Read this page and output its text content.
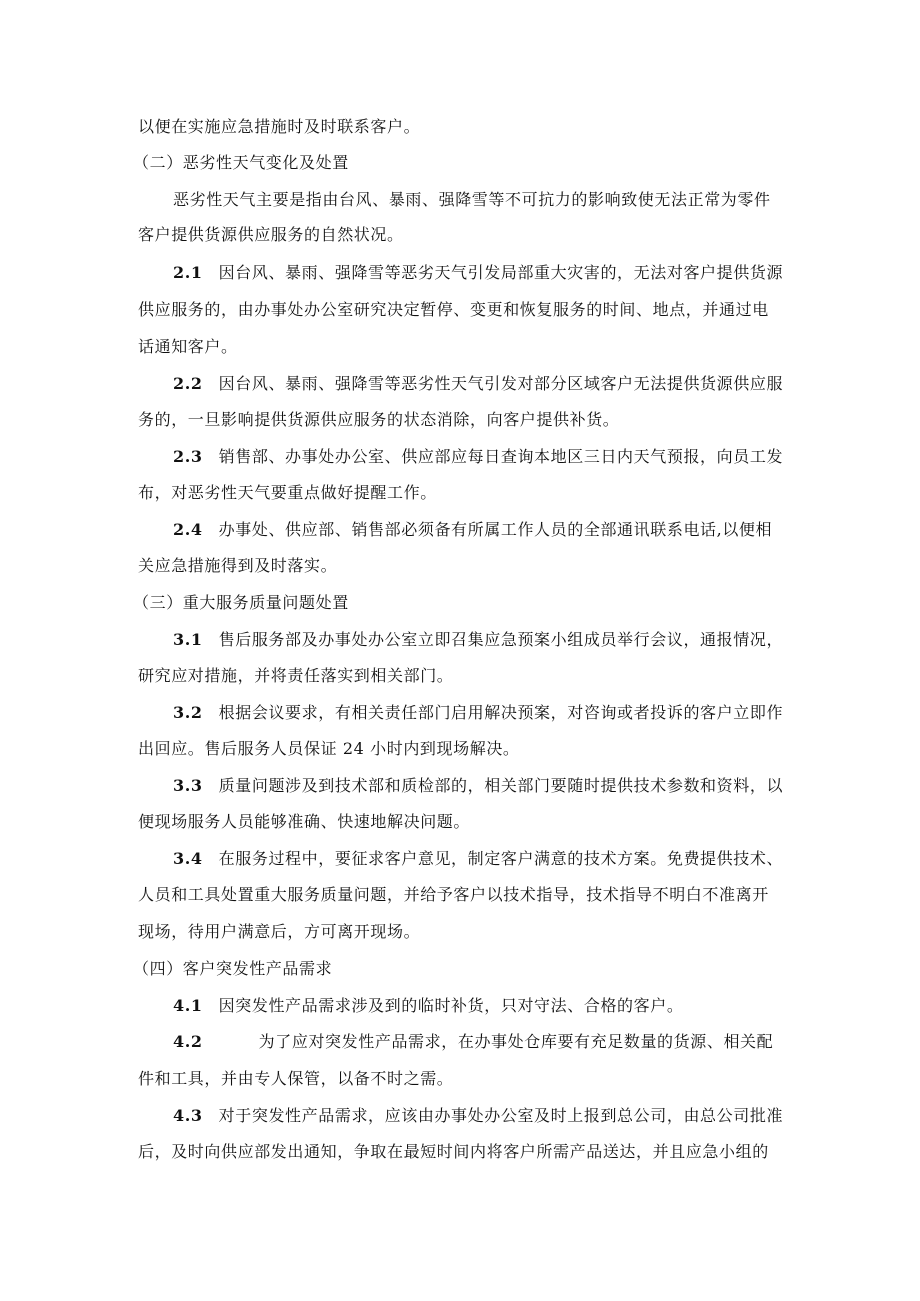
以便在实施应急措施时及时联系客户。
（二）恶劣性天气变化及处置
恶劣性天气主要是指由台风、暴雨、强降雪等不可抗力的影响致使无法正常为零件
客户提供货源供应服务的自然状况。
2.1 因台风、暴雨、强降雪等恶劣天气引发局部重大灾害的，无法对客户提供货源
供应服务的，由办事处办公室研究决定暂停、变更和恢复服务的时间、地点，并通过电
话通知客户。
2.2 因台风、暴雨、强降雪等恶劣性天气引发对部分区域客户无法提供货源供应服
务的，一旦影响提供货源供应服务的状态消除，向客户提供补货。
2.3 销售部、办事处办公室、供应部应每日查询本地区三日内天气预报，向员工发
布，对恶劣性天气要重点做好提醒工作。
2.4 办事处、供应部、销售部必须备有所属工作人员的全部通讯联系电话,以便相
关应急措施得到及时落实。
（三）重大服务质量问题处置
3.1 售后服务部及办事处办公室立即召集应急预案小组成员举行会议，通报情况，
研究应对措施，并将责任落实到相关部门。
3.2 根据会议要求，有相关责任部门启用解决预案，对咨询或者投诉的客户立即作
出回应。售后服务人员保证 24 小时内到现场解决。
3.3 质量问题涉及到技术部和质检部的，相关部门要随时提供技术参数和资料，以
便现场服务人员能够准确、快速地解决问题。
3.4 在服务过程中，要征求客户意见，制定客户满意的技术方案。免费提供技术、
人员和工具处置重大服务质量问题，并给予客户以技术指导，技术指导不明白不准离开
现场，待用户满意后，方可离开现场。
（四）客户突发性产品需求
4.1 因突发性产品需求涉及到的临时补货，只对守法、合格的客户。
4.2	为了应对突发性产品需求，在办事处仓库要有充足数量的货源、相关配
件和工具，并由专人保管，以备不时之需。
4.3 对于突发性产品需求，应该由办事处办公室及时上报到总公司，由总公司批准
后，及时向供应部发出通知，争取在最短时间内将客户所需产品送达，并且应急小组的
